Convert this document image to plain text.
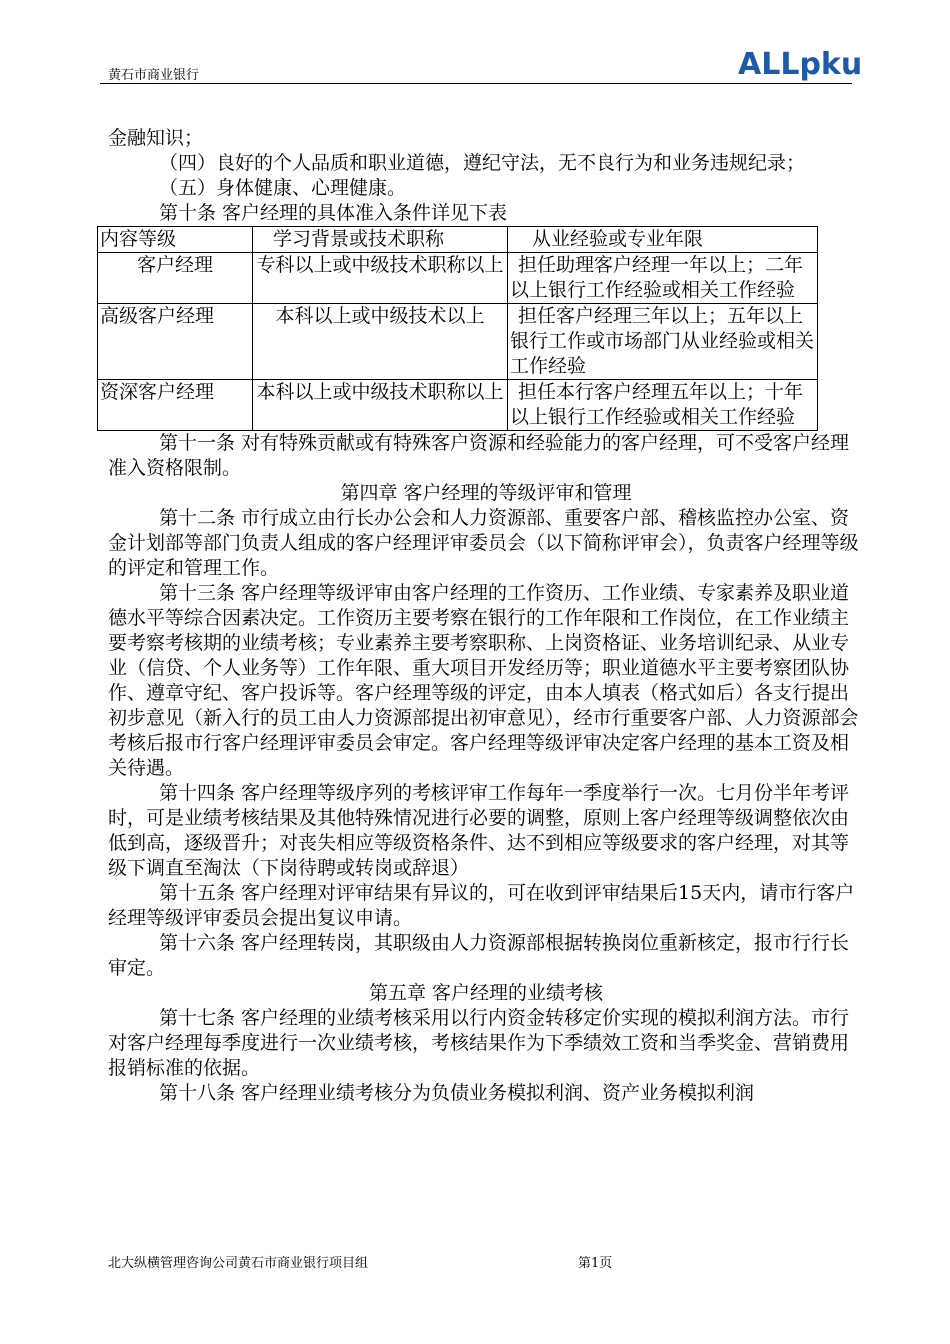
黄石市商业银行	ALLpku

金融知识；

（四）良好的个人品质和职业道德，遵纪守法，无不良行为和业务违规纪录；

（五）身体健康、心理健康。

第十条 客户经理的具体准入条件详见下表

内容等级	学习背景或技术职称	从业经验或专业年限
客户经理	专科以上或中级技术职称以上	担任助理客户经理一年以上；二年以上银行工作经验或相关工作经验
高级客户经理	本科以上或中级技术以上	担任客户经理三年以上；五年以上银行工作或市场部门从业经验或相关工作经验
资深客户经理	本科以上或中级技术职称以上	担任本行客户经理五年以上；十年以上银行工作经验或相关工作经验

第十一条 对有特殊贡献或有特殊客户资源和经验能力的客户经理，可不受客户经理准入资格限制。

第四章 客户经理的等级评审和管理

第十二条 市行成立由行长办公会和人力资源部、重要客户部、稽核监控办公室、资金计划部等部门负责人组成的客户经理评审委员会（以下简称评审会），负责客户经理等级的评定和管理工作。

第十三条 客户经理等级评审由客户经理的工作资历、工作业绩、专家素养及职业道德水平等综合因素决定。工作资历主要考察在银行的工作年限和工作岗位，在工作业绩主要考察考核期的业绩考核；专业素养主要考察职称、上岗资格证、业务培训纪录、从业专业（信贷、个人业务等）工作年限、重大项目开发经历等；职业道德水平主要考察团队协作、遵章守纪、客户投诉等。客户经理等级的评定，由本人填表（格式如后）各支行提出初步意见（新入行的员工由人力资源部提出初审意见），经市行重要客户部、人力资源部会考核后报市行客户经理评审委员会审定。客户经理等级评审决定客户经理的基本工资及相关待遇。

第十四条 客户经理等级序列的考核评审工作每年一季度举行一次。七月份半年考评时，可是业绩考核结果及其他特殊情况进行必要的调整，原则上客户经理等级调整依次由低到高，逐级晋升；对丧失相应等级资格条件、达不到相应等级要求的客户经理，对其等级下调直至淘汰（下岗待聘或转岗或辞退）

第十五条 客户经理对评审结果有异议的，可在收到评审结果后15天内，请市行客户经理等级评审委员会提出复议申请。

第十六条 客户经理转岗，其职级由人力资源部根据转换岗位重新核定，报市行行长审定。

第五章 客户经理的业绩考核

第十七条 客户经理的业绩考核采用以行内资金转移定价实现的模拟利润方法。市行对客户经理每季度进行一次业绩考核，考核结果作为下季绩效工资和当季奖金、营销费用报销标准的依据。

第十八条 客户经理业绩考核分为负债业务模拟利润、资产业务模拟利润

北大纵横管理咨询公司黄石市商业银行项目组	第1页
